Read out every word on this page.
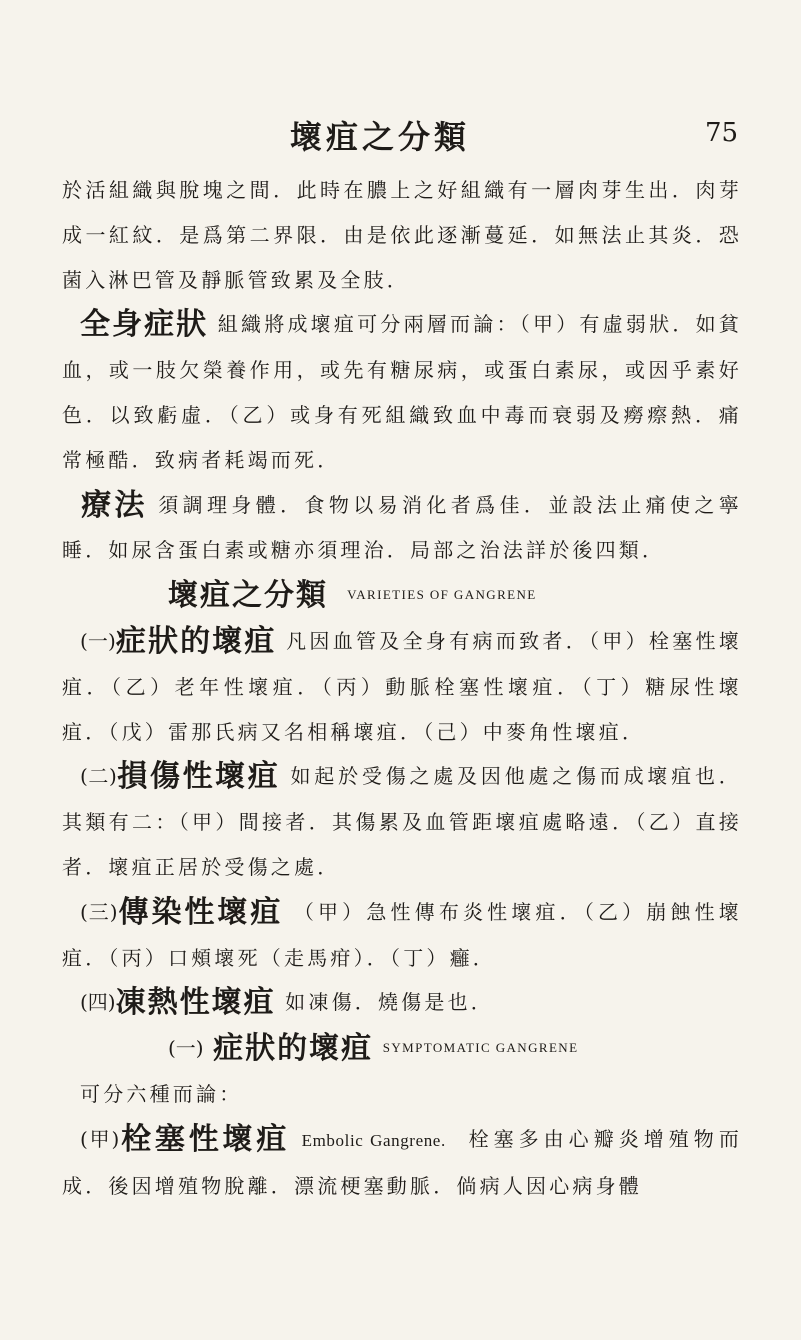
壞疽之分類	75

於活組織與脫塊之間．此時在膿上之好組織有一層肉芽生出．肉芽成一紅紋．是爲第二界限．由是依此逐漸蔓延．如無法止其炎．恐菌入淋巴管及靜脈管致累及全肢．

全身症狀 組織將成壞疽可分兩層而論：（甲）有虛弱狀．如貧血，或一肢欠榮養作用，或先有糖尿病，或蛋白素尿，或因乎素好色．以致虧虛．（乙）或身有死組織致血中毒而衰弱及癆瘵熱．痛常極酷．致病者耗竭而死．

療法 須調理身體．食物以易消化者爲佳．並設法止痛使之寧睡．如尿含蛋白素或糖亦須理治．局部之治法詳於後四類．

壞疽之分類 VARIETIES OF GANGRENE

(一)症狀的壞疽 凡因血管及全身有病而致者．（甲）栓塞性壞疽．（乙）老年性壞疽．（丙）動脈栓塞性壞疽．（丁）糖尿性壞疽．（戊）雷那氏病又名相稱壞疽．（己）中麥角性壞疽．

(二)損傷性壞疽 如起於受傷之處及因他處之傷而成壞疽也．其類有二：（甲）間接者．其傷累及血管距壞疽處略遠．（乙）直接者．壞疽正居於受傷之處．

(三)傳染性壞疽 （甲）急性傳布炎性壞疽．（乙）崩蝕性壞疽．（丙）口頰壞死（走馬疳）．（丁）癰．

(四)凍熱性壞疽 如凍傷．燒傷是也．

(一) 症狀的壞疽 SYMPTOMATIC GANGRENE

可分六種而論：

(甲)栓塞性壞疽 Embolic Gangrene. 栓塞多由心瓣炎增殖物而成．後因增殖物脫離．漂流梗塞動脈．倘病人因心病身體
